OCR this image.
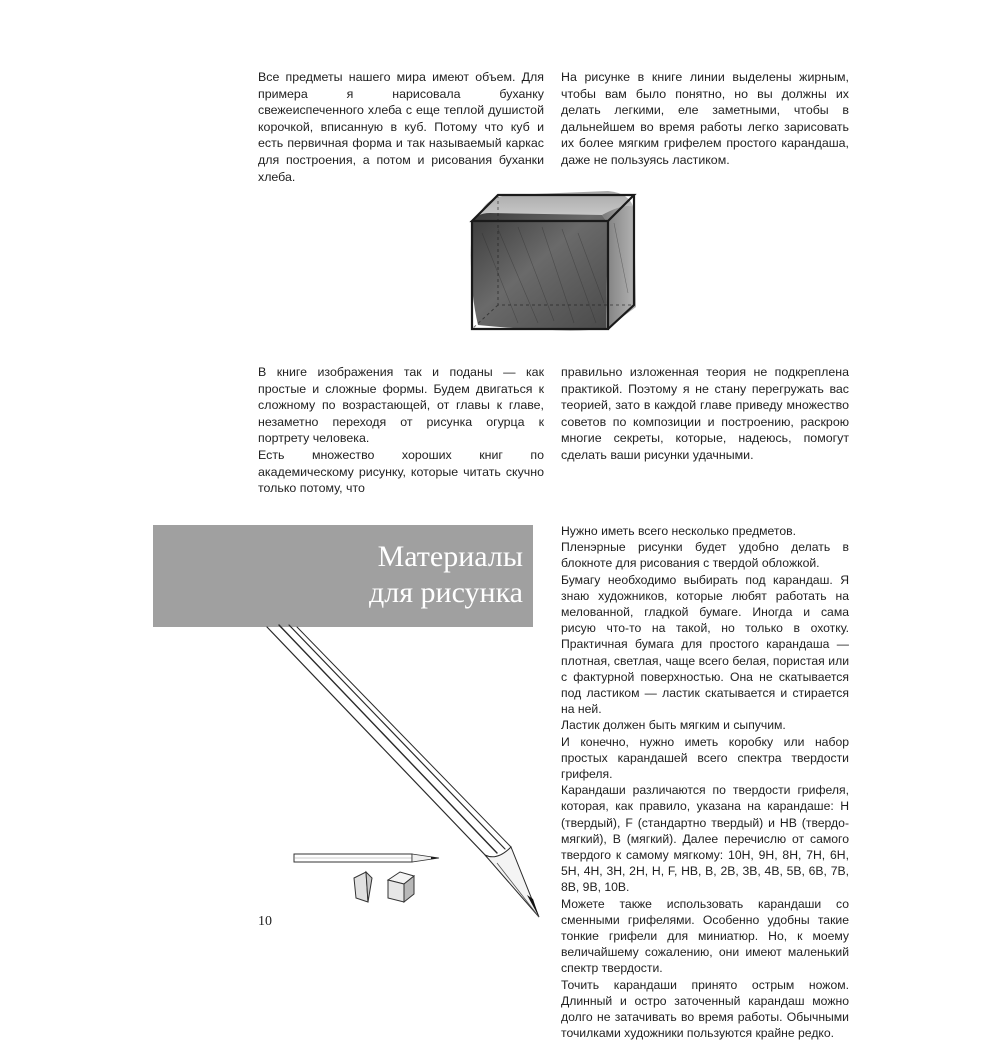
Все предметы нашего мира имеют объем. Для примера я нарисовала буханку свежеиспеченного хлеба с еще теплой душистой корочкой, вписанную в куб. Потому что куб и есть первичная форма и так называемый каркас для построения, а потом и рисования буханки хлеба.

На рисунке в книге линии выделены жирным, чтобы вам было понятно, но вы должны их делать легкими, еле заметными, чтобы в дальнейшем во время работы легко зарисовать их более мягким грифелем простого карандаша, даже не пользуясь ластиком.

В книге изображения так и поданы — как простые и сложные формы. Будем двигаться к сложному по возрастающей, от главы к главе, незаметно переходя от рисунка огурца к портрету человека.

Есть множество хороших книг по академическому рисунку, которые читать скучно только потому, что

правильно изложенная теория не подкреплена практикой. Поэтому я не стану перегружать вас теорией, зато в каждой главе приведу множество советов по композиции и построению, раскрою многие секреты, которые, надеюсь, помогут сделать ваши рисунки удачными.

Материалы
для рисунка

Нужно иметь всего несколько предметов.

Пленэрные рисунки будет удобно делать в блокноте для рисования с твердой обложкой.

Бумагу необходимо выбирать под карандаш. Я знаю художников, которые любят работать на мелованной, гладкой бумаге. Иногда и сама рисую что-то на такой, но только в охотку. Практичная бумага для простого карандаша — плотная, светлая, чаще всего белая, пористая или с фактурной поверхностью. Она не скатывается под ластиком — ластик скатывается и стирается на ней.

Ластик должен быть мягким и сыпучим.

И конечно, нужно иметь коробку или набор простых карандашей всего спектра твердости грифеля.

Карандаши различаются по твердости грифеля, которая, как правило, указана на карандаше: H (твердый), F (стандартно твердый) и HB (твердо-мягкий), B (мягкий). Далее перечислю от самого твердого к самому мягкому: 10H, 9H, 8H, 7H, 6H, 5H, 4H, 3H, 2H, H, F, HB, B, 2B, 3B, 4B, 5B, 6B, 7B, 8B, 9B, 10B.

Можете также использовать карандаши со сменными грифелями. Особенно удобны такие тонкие грифели для миниатюр. Но, к моему величайшему сожалению, они имеют маленький спектр твердости.

Точить карандаши принято острым ножом. Длинный и остро заточенный карандаш можно долго не затачивать во время работы. Обычными точилками художники пользуются крайне редко.

10
